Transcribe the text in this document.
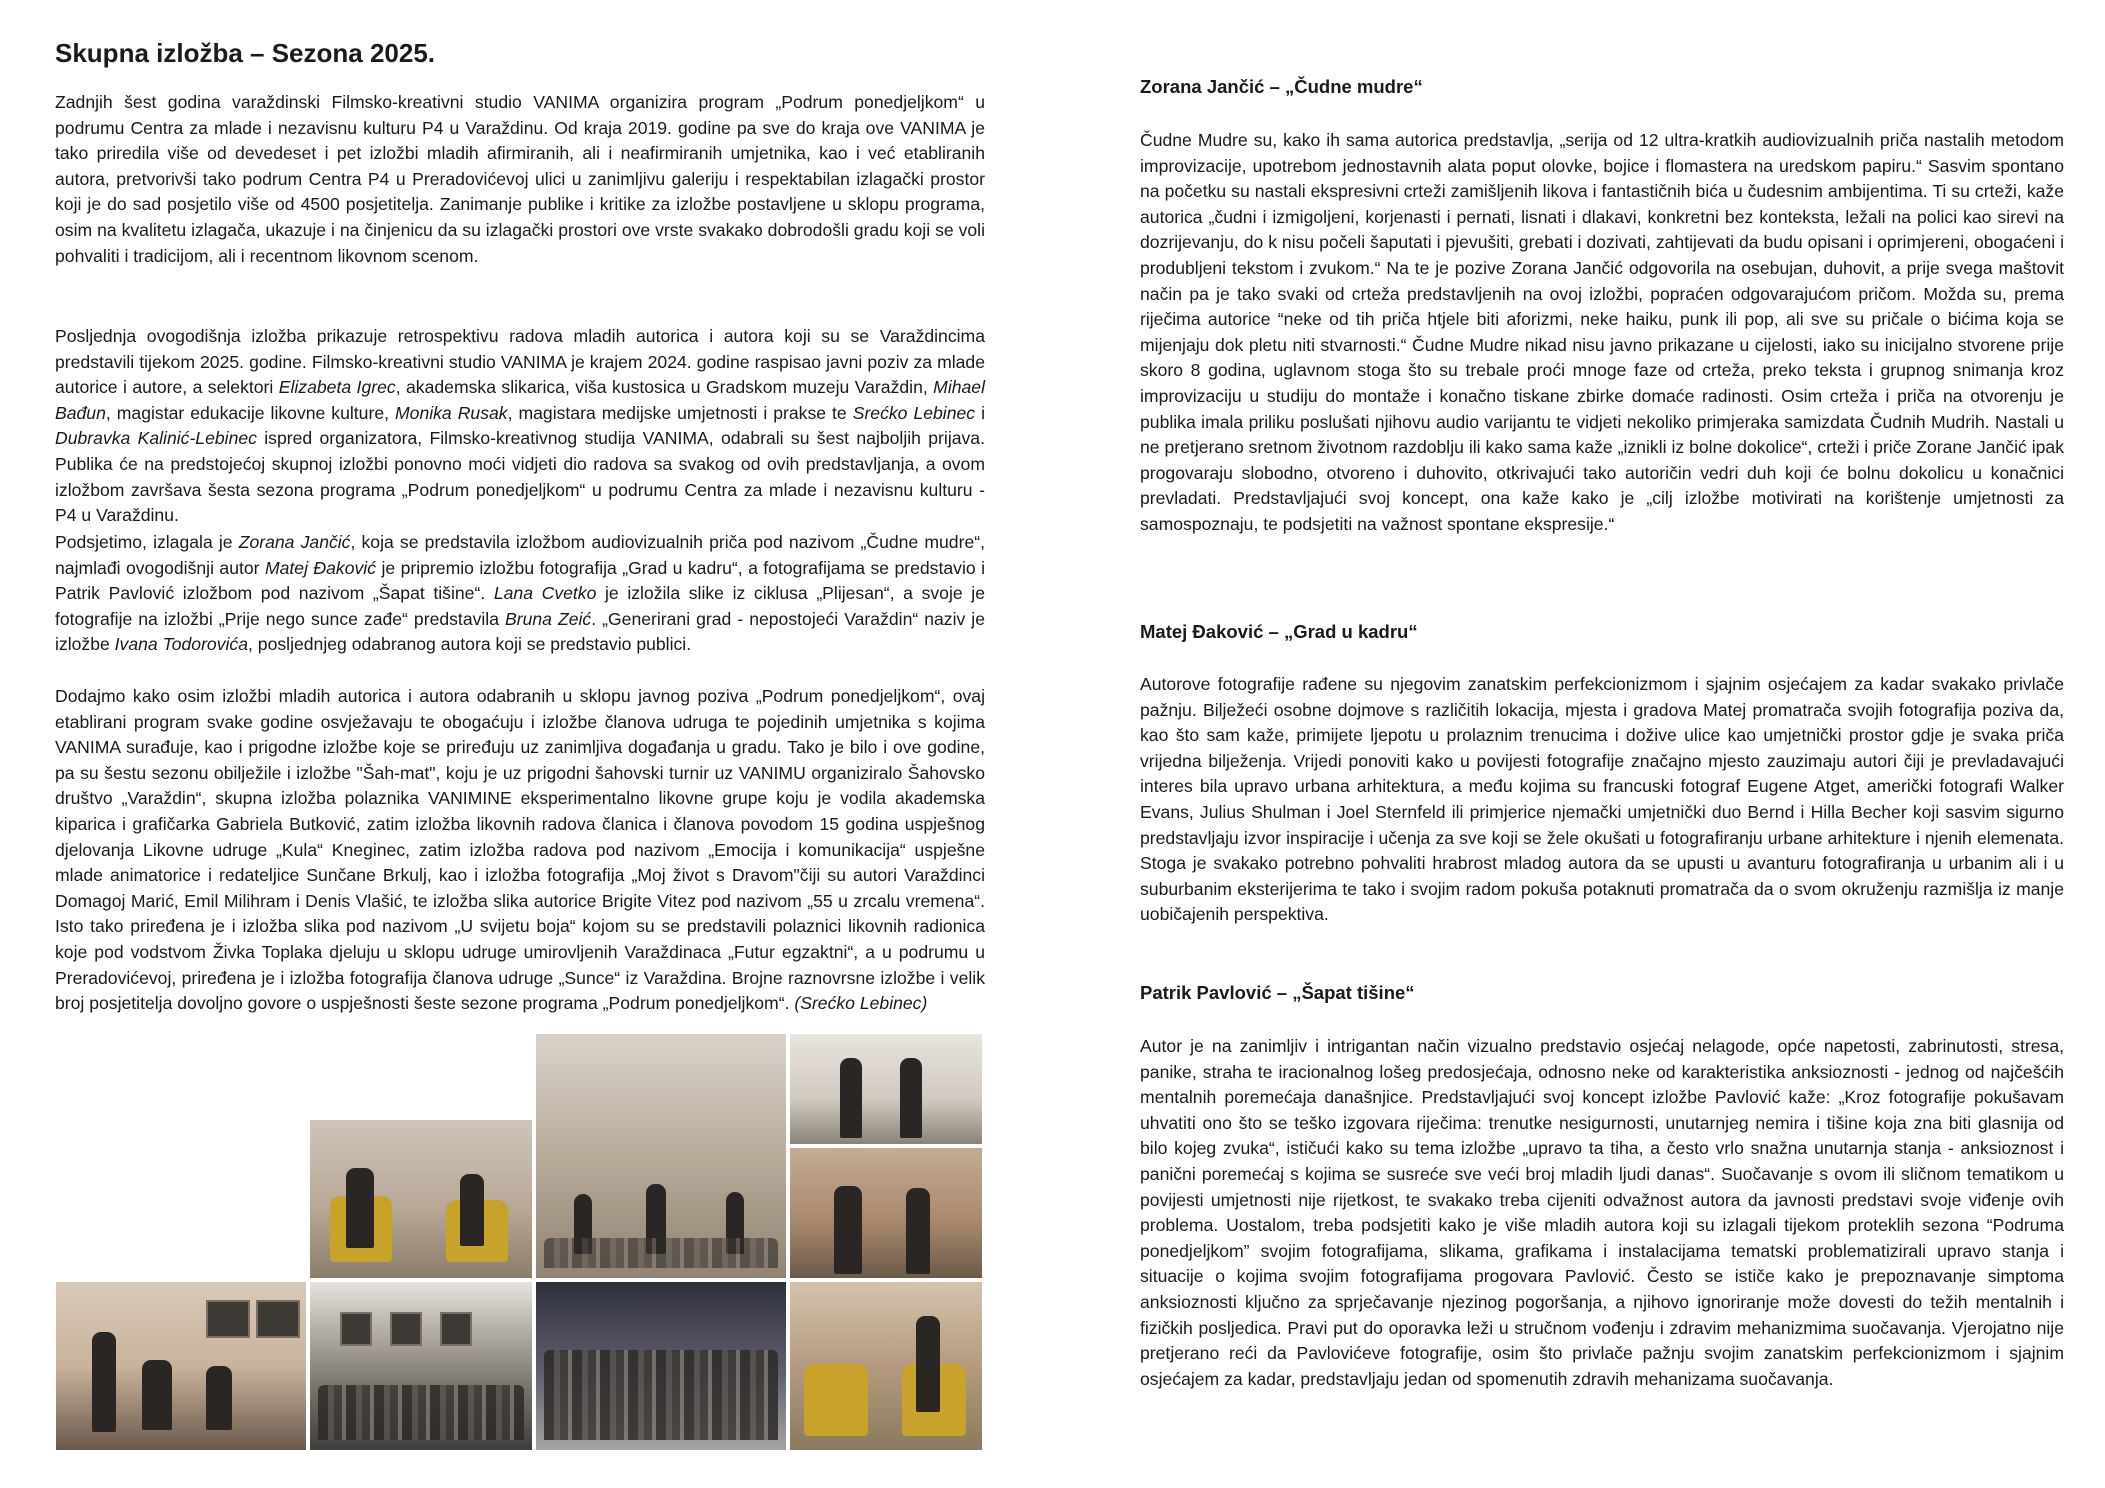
Skupna izložba – Sezona 2025.

Zadnjih šest godina varaždinski Filmsko-kreativni studio VANIMA organizira program „Podrum ponedjeljkom“ u podrumu Centra za mlade i nezavisnu kulturu P4 u Varaždinu. Od kraja 2019. godine pa sve do kraja ove VANIMA je tako priredila više od devedeset i pet izložbi mladih afirmiranih, ali i neafirmiranih umjetnika, kao i već etabliranih autora, pretvorivši tako podrum Centra P4 u Preradovićevoj ulici u zanimljivu galeriju i respektabilan izlagački prostor koji je do sad posjetilo više od 4500 posjetitelja. Zanimanje publike i kritike za izložbe postavljene u sklopu programa, osim na kvalitetu izlagača, ukazuje i na činjenicu da su izlagački prostori ove vrste svakako dobrodošli gradu koji se voli pohvaliti i tradicijom, ali i recentnom likovnom scenom.

Posljednja ovogodišnja izložba prikazuje retrospektivu radova mladih autorica i autora koji su se Varaždincima predstavili tijekom 2025. godine. Filmsko-kreativni studio VANIMA je krajem 2024. godine raspisao javni poziv za mlade autorice i autore, a selektori Elizabeta Igrec, akademska slikarica, viša kustosica u Gradskom muzeju Varaždin, Mihael Bađun, magistar edukacije likovne kulture, Monika Rusak, magistara medijske umjetnosti i prakse te Srećko Lebinec i Dubravka Kalinić-Lebinec ispred organizatora, Filmsko-kreativnog studija VANIMA, odabrali su šest najboljih prijava. Publika će na predstojećoj skupnoj izložbi ponovno moći vidjeti dio radova sa svakog od ovih predstavljanja, a ovom izložbom završava šesta sezona programa „Podrum ponedjeljkom“ u podrumu Centra za mlade i nezavisnu kulturu - P4 u Varaždinu.

Podsjetimo, izlagala je Zorana Jančić, koja se predstavila izložbom audiovizualnih priča pod nazivom „Čudne mudre“, najmlađi ovogodišnji autor Matej Đaković je pripremio izložbu fotografija „Grad u kadru“, a fotografijama se predstavio i Patrik Pavlović izložbom pod nazivom „Šapat tišine“. Lana Cvetko je izložila slike iz ciklusa „Plijesan“, a svoje je fotografije na izložbi „Prije nego sunce zađe“ predstavila Bruna Zeić. „Generirani grad - nepostojeći Varaždin“ naziv je izložbe Ivana Todorovića, posljednjeg odabranog autora koji se predstavio publici.

Dodajmo kako osim izložbi mladih autorica i autora odabranih u sklopu javnog poziva „Podrum ponedjeljkom“, ovaj etablirani program svake godine osvježavaju te obogaćuju i izložbe članova udruga te pojedinih umjetnika s kojima VANIMA surađuje, kao i prigodne izložbe koje se priređuju uz zanimljiva događanja u gradu. Tako je bilo i ove godine, pa su šestu sezonu obilježile i izložbe "Šah-mat", koju je uz prigodni šahovski turnir uz VANIMU organiziralo Šahovsko društvo „Varaždin“, skupna izložba polaznika VANIMINE eksperimentalno likovne grupe koju je vodila akademska kiparica i grafičarka Gabriela Butković, zatim izložba likovnih radova članica i članova povodom 15 godina uspješnog djelovanja Likovne udruge „Kula“ Kneginec, zatim izložba radova pod nazivom „Emocija i komunikacija“ uspješne mlade animatorice i redateljice Sunčane Brkulj, kao i izložba fotografija „Moj život s Dravom"čiji su autori Varaždinci Domagoj Marić, Emil Milihram i Denis Vlašić, te izložba slika autorice Brigite Vitez pod nazivom „55 u zrcalu vremena“. Isto tako priređena je i izložba slika pod nazivom „U svijetu boja“ kojom su se predstavili polaznici likovnih radionica koje pod vodstvom Živka Toplaka djeluju u sklopu udruge umirovljenih Varaždinaca „Futur egzaktni“, a u podrumu u Preradovićevoj, priređena je i izložba fotografija članova udruge „Sunce“ iz Varaždina. Brojne raznovrsne izložbe i velik broj posjetitelja dovoljno govore o uspješnosti šeste sezone programa „Podrum ponedjeljkom“. (Srećko Lebinec)

Zorana Jančić – „Čudne mudre“

Čudne Mudre su, kako ih sama autorica predstavlja, „serija od 12 ultra-kratkih audiovizualnih priča nastalih metodom improvizacije, upotrebom jednostavnih alata poput olovke, bojice i flomastera na uredskom papiru.“ Sasvim spontano na početku su nastali ekspresivni crteži zamišljenih likova i fantastičnih bića u čudesnim ambijentima. Ti su crteži, kaže autorica „čudni i izmigoljeni, korjenasti i pernati, lisnati i dlakavi, konkretni bez konteksta, ležali na polici kao sirevi na dozrijevanju, do k nisu počeli šaputati i pjevušiti, grebati i dozivati, zahtijevati da budu opisani i oprimjereni, obogaćeni i produbljeni tekstom i zvukom.“ Na te je pozive Zorana Jančić odgovorila na osebujan, duhovit, a prije svega maštovit način pa je tako svaki od crteža predstavljenih na ovoj izložbi, popraćen odgovarajućom pričom. Možda su, prema riječima autorice “neke od tih priča htjele biti aforizmi, neke haiku, punk ili pop, ali sve su pričale o bićima koja se mijenjaju dok pletu niti stvarnosti.“ Čudne Mudre nikad nisu javno prikazane u cijelosti, iako su inicijalno stvorene prije skoro 8 godina, uglavnom stoga što su trebale proći mnoge faze od crteža, preko teksta i grupnog snimanja kroz improvizaciju u studiju do montaže i konačno tiskane zbirke domaće radinosti. Osim crteža i priča na otvorenju je publika imala priliku poslušati njihovu audio varijantu te vidjeti nekoliko primjeraka samizdata Čudnih Mudrih. Nastali u ne pretjerano sretnom životnom razdoblju ili kako sama kaže „iznikli iz bolne dokolice“, crteži i priče Zorane Jančić ipak progovaraju slobodno, otvoreno i duhovito, otkrivajući tako autoričin vedri duh koji će bolnu dokolicu u konačnici prevladati. Predstavljajući svoj koncept, ona kaže kako je „cilj izložbe motivirati na korištenje umjetnosti za samospoznaju, te podsjetiti na važnost spontane ekspresije.“

Matej Đaković – „Grad u kadru“

Autorove fotografije rađene su njegovim zanatskim perfekcionizmom i sjajnim osjećajem za kadar svakako privlače pažnju. Bilježeći osobne dojmove s različitih lokacija, mjesta i gradova Matej promatrača svojih fotografija poziva da, kao što sam kaže, primijete ljepotu u prolaznim trenucima i dožive ulice kao umjetnički prostor gdje je svaka priča vrijedna bilježenja. Vrijedi ponoviti kako u povijesti fotografije značajno mjesto zauzimaju autori čiji je prevladavajući interes bila upravo urbana arhitektura, a među kojima su francuski fotograf Eugene Atget, američki fotografi Walker Evans, Julius Shulman i Joel Sternfeld ili primjerice njemački umjetnički duo Bernd i Hilla Becher koji sasvim sigurno predstavljaju izvor inspiracije i učenja za sve koji se žele okušati u fotografiranju urbane arhitekture i njenih elemenata. Stoga je svakako potrebno pohvaliti hrabrost mladog autora da se upusti u avanturu fotografiranja u urbanim ali i u suburbanim eksterijerima te tako i svojim radom pokuša potaknuti promatrača da o svom okruženju razmišlja iz manje uobičajenih perspektiva.

Patrik Pavlović – „Šapat tišine“

Autor je na zanimljiv i intrigantan način vizualno predstavio osjećaj nelagode, opće napetosti, zabrinutosti, stresa, panike, straha te iracionalnog lošeg predosjećaja, odnosno neke od karakteristika anksioznosti - jednog od najčešćih mentalnih poremećaja današnjice. Predstavljajući svoj koncept izložbe Pavlović kaže: „Kroz fotografije pokušavam uhvatiti ono što se teško izgovara riječima: trenutke nesigurnosti, unutarnjeg nemira i tišine koja zna biti glasnija od bilo kojeg zvuka“, ističući kako su tema izložbe „upravo ta tiha, a često vrlo snažna unutarnja stanja - anksioznost i panični poremećaj s kojima se susreće sve veći broj mladih ljudi danas“. Suočavanje s ovom ili sličnom tematikom u povijesti umjetnosti nije rijetkost, te svakako treba cijeniti odvažnost autora da javnosti predstavi svoje viđenje ovih problema. Uostalom, treba podsjetiti kako je više mladih autora koji su izlagali tijekom proteklih sezona “Podruma ponedjeljkom” svojim fotografijama, slikama, grafikama i instalacijama tematski problematizirali upravo stanja i situacije o kojima svojim fotografijama progovara Pavlović. Često se ističe kako je prepoznavanje simptoma anksioznosti ključno za sprječavanje njezinog pogoršanja, a njihovo ignoriranje može dovesti do težih mentalnih i fizičkih posljedica. Pravi put do oporavka leži u stručnom vođenju i zdravim mehanizmima suočavanja. Vjerojatno nije pretjerano reći da Pavlovićeve fotografije, osim što privlače pažnju svojim zanatskim perfekcionizmom i sjajnim osjećajem za kadar, predstavljaju jedan od spomenutih zdravih mehanizama suočavanja.
